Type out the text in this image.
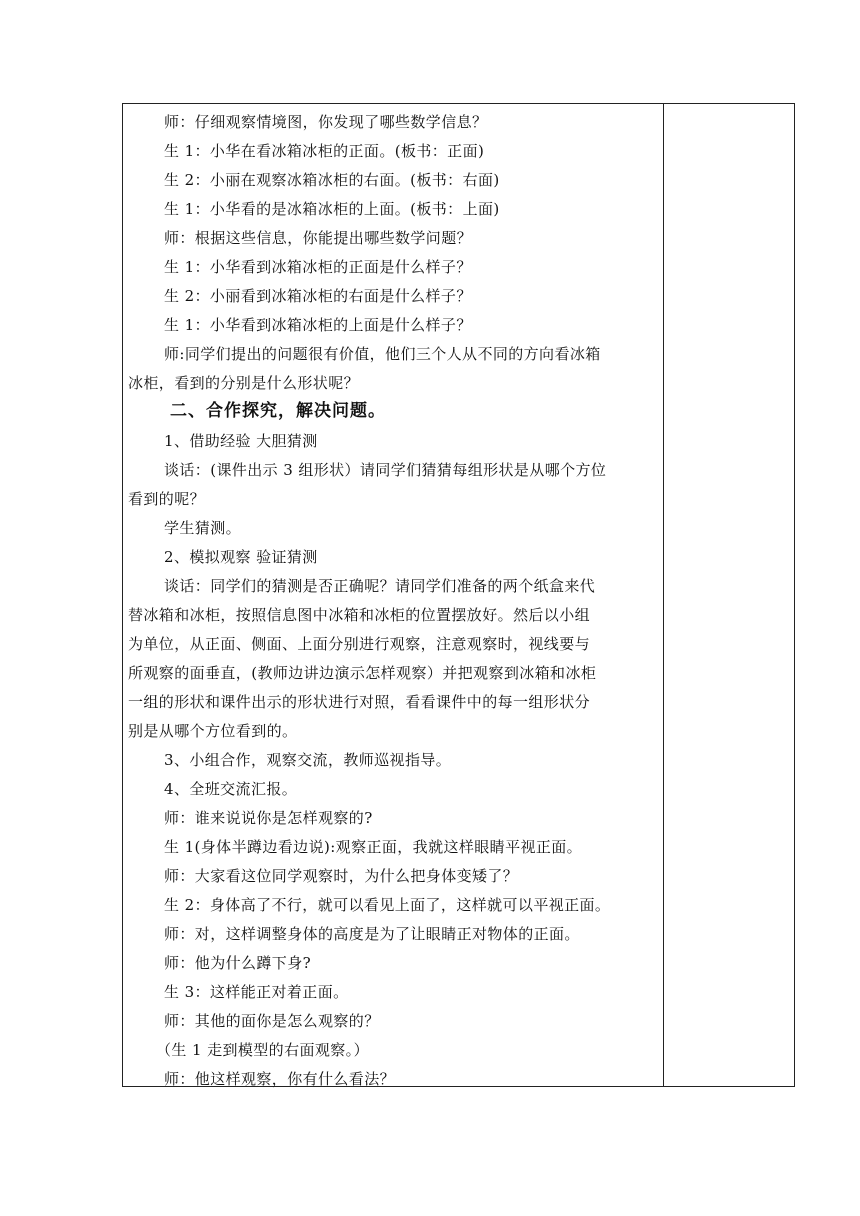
师：仔细观察情境图，你发现了哪些数学信息？
生 1：小华在看冰箱冰柜的正面。(板书：正面)
生 2：小丽在观察冰箱冰柜的右面。(板书：右面)
生 1：小华看的是冰箱冰柜的上面。(板书：上面)
师：根据这些信息，你能提出哪些数学问题？
生 1：小华看到冰箱冰柜的正面是什么样子？
生 2：小丽看到冰箱冰柜的右面是什么样子？
生 1：小华看到冰箱冰柜的上面是什么样子？
师:同学们提出的问题很有价值，他们三个人从不同的方向看冰箱
冰柜，看到的分别是什么形状呢？
二、合作探究，解决问题。
1、借助经验 大胆猜测
谈话：(课件出示 3 组形状）请同学们猜猜每组形状是从哪个方位
看到的呢？
学生猜测。
2、模拟观察 验证猜测
谈话：同学们的猜测是否正确呢？请同学们准备的两个纸盒来代
替冰箱和冰柜，按照信息图中冰箱和冰柜的位置摆放好。然后以小组
为单位，从正面、侧面、上面分别进行观察，注意观察时，视线要与
所观察的面垂直，(教师边讲边演示怎样观察）并把观察到冰箱和冰柜
一组的形状和课件出示的形状进行对照，看看课件中的每一组形状分
别是从哪个方位看到的。
3、小组合作，观察交流，教师巡视指导。
4、全班交流汇报。
师：谁来说说你是怎样观察的?
生 1(身体半蹲边看边说):观察正面，我就这样眼睛平视正面。
师：大家看这位同学观察时，为什么把身体变矮了？
生 2：身体高了不行，就可以看见上面了，这样就可以平视正面。
师：对，这样调整身体的高度是为了让眼睛正对物体的正面。
师：他为什么蹲下身?
生 3：这样能正对着正面。
师：其他的面你是怎么观察的？
（生 1 走到模型的右面观察。）
师：他这样观察，你有什么看法？
